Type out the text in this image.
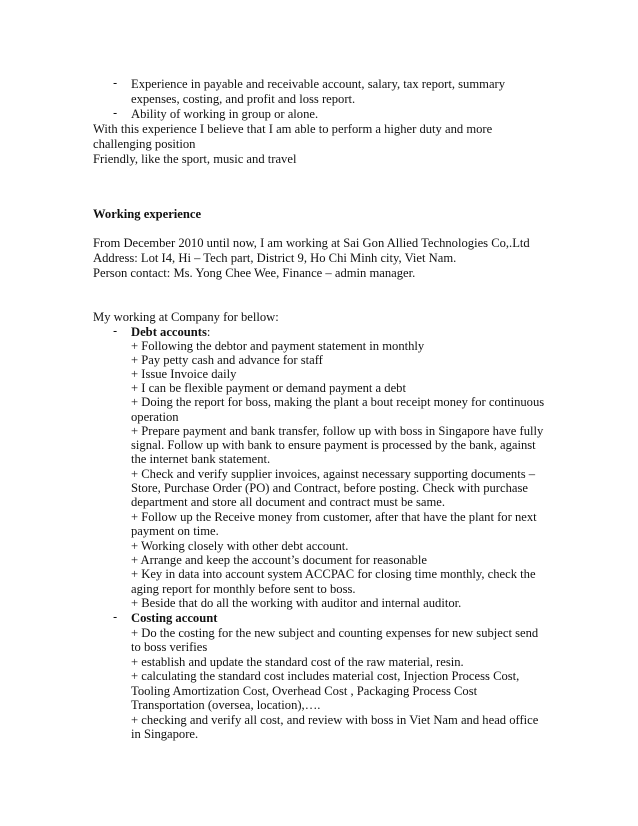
- Experience in payable and receivable account, salary, tax report, summary
expenses, costing, and profit and loss report.
- Ability of working in group or alone.
With this experience I believe that I am able to perform a higher duty and more
challenging position
Friendly, like the sport, music and travel
Working experience
From December 2010 until now, I am working at Sai Gon Allied Technologies Co,.Ltd
Address: Lot I4, Hi – Tech part, District 9, Ho Chi Minh city, Viet Nam.
Person contact: Ms. Yong Chee Wee, Finance – admin manager.
My working at Company for bellow:
- Debt accounts:
+ Following the debtor and payment statement in monthly
+ Pay petty cash and advance for staff
+ Issue Invoice daily
+ I can be flexible payment or demand payment a debt
+ Doing the report for boss, making the plant a bout receipt money for continuous
operation
+ Prepare payment and bank transfer, follow up with boss in Singapore have fully
signal. Follow up with bank to ensure payment is processed by the bank, against
the internet bank statement.
+ Check and verify supplier invoices, against necessary supporting documents –
Store, Purchase Order (PO) and Contract, before posting. Check with purchase
department and store all document and contract must be same.
+ Follow up the Receive money from customer, after that have the plant for next
payment on time.
+ Working closely with other debt account.
+ Arrange and keep the account’s document for reasonable
+ Key in data into account system ACCPAC for closing time monthly, check the
aging report for monthly before sent to boss.
+ Beside that do all the working with auditor and internal auditor.
- Costing account
+ Do the costing for the new subject and counting expenses for new subject send
to boss verifies
+ establish and update the standard cost of the raw material, resin.
+ calculating the standard cost includes material cost, Injection Process Cost,
Tooling Amortization Cost, Overhead Cost , Packaging Process Cost
Transportation (oversea, location),….
+ checking and verify all cost, and review with boss in Viet Nam and head office
in Singapore.
